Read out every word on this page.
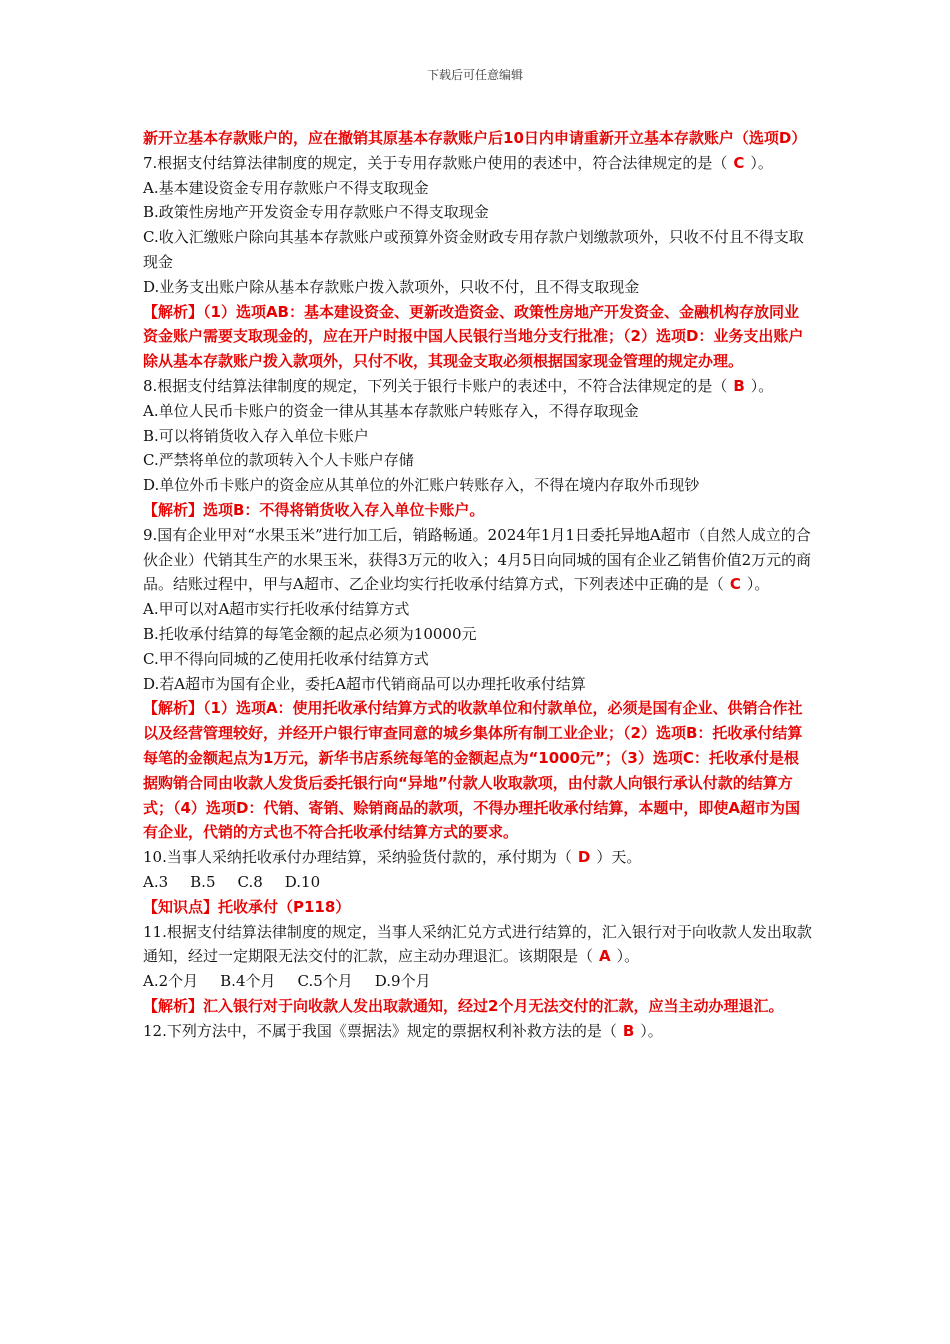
下载后可任意编辑

新开立基本存款账户的，应在撤销其原基本存款账户后10日内申请重新开立基本存款账户（选项D）

7.根据支付结算法律制度的规定，关于专用存款账户使用的表述中，符合法律规定的是（ C ）。

A.基本建设资金专用存款账户不得支取现金

B.政策性房地产开发资金专用存款账户不得支取现金

C.收入汇缴账户除向其基本存款账户或预算外资金财政专用存款户划缴款项外，只收不付且不得支取现金

D.业务支出账户除从基本存款账户拨入款项外，只收不付，且不得支取现金

【解析】（1）选项AB：基本建设资金、更新改造资金、政策性房地产开发资金、金融机构存放同业资金账户需要支取现金的，应在开户时报中国人民银行当地分支行批准；（2）选项D：业务支出账户除从基本存款账户拨入款项外，只付不收，其现金支取必须根据国家现金管理的规定办理。

8.根据支付结算法律制度的规定，下列关于银行卡账户的表述中，不符合法律规定的是（ B ）。

A.单位人民币卡账户的资金一律从其基本存款账户转账存入，不得存取现金

B.可以将销货收入存入单位卡账户

C.严禁将单位的款项转入个人卡账户存储

D.单位外币卡账户的资金应从其单位的外汇账户转账存入，不得在境内存取外币现钞

【解析】选项B：不得将销货收入存入单位卡账户。

9.国有企业甲对“水果玉米”进行加工后，销路畅通。2024年1月1日委托异地A超市（自然人成立的合伙企业）代销其生产的水果玉米，获得3万元的收入；4月5日向同城的国有企业乙销售价值2万元的商品。结账过程中，甲与A超市、乙企业均实行托收承付结算方式，下列表述中正确的是（ C ）。

A.甲可以对A超市实行托收承付结算方式

B.托收承付结算的每笔金额的起点必须为10000元

C.甲不得向同城的乙使用托收承付结算方式

D.若A超市为国有企业，委托A超市代销商品可以办理托收承付结算

【解析】（1）选项A：使用托收承付结算方式的收款单位和付款单位，必须是国有企业、供销合作社以及经营管理较好，并经开户银行审查同意的城乡集体所有制工业企业；（2）选项B：托收承付结算每笔的金额起点为1万元，新华书店系统每笔的金额起点为“1000元”；（3）选项C：托收承付是根据购销合同由收款人发货后委托银行向“异地”付款人收取款项，由付款人向银行承认付款的结算方式；（4）选项D：代销、寄销、赊销商品的款项，不得办理托收承付结算，本题中，即使A超市为国有企业，代销的方式也不符合托收承付结算方式的要求。

10.当事人采纳托收承付办理结算，采纳验货付款的，承付期为（ D ）天。

A.3 B.5 C.8 D.10

【知识点】托收承付（P118）

11.根据支付结算法律制度的规定，当事人采纳汇兑方式进行结算的，汇入银行对于向收款人发出取款通知，经过一定期限无法交付的汇款，应主动办理退汇。该期限是（ A ）。

A.2个月 B.4个月 C.5个月 D.9个月

【解析】汇入银行对于向收款人发出取款通知，经过2个月无法交付的汇款，应当主动办理退汇。

12.下列方法中，不属于我国《票据法》规定的票据权利补救方法的是（ B ）。
